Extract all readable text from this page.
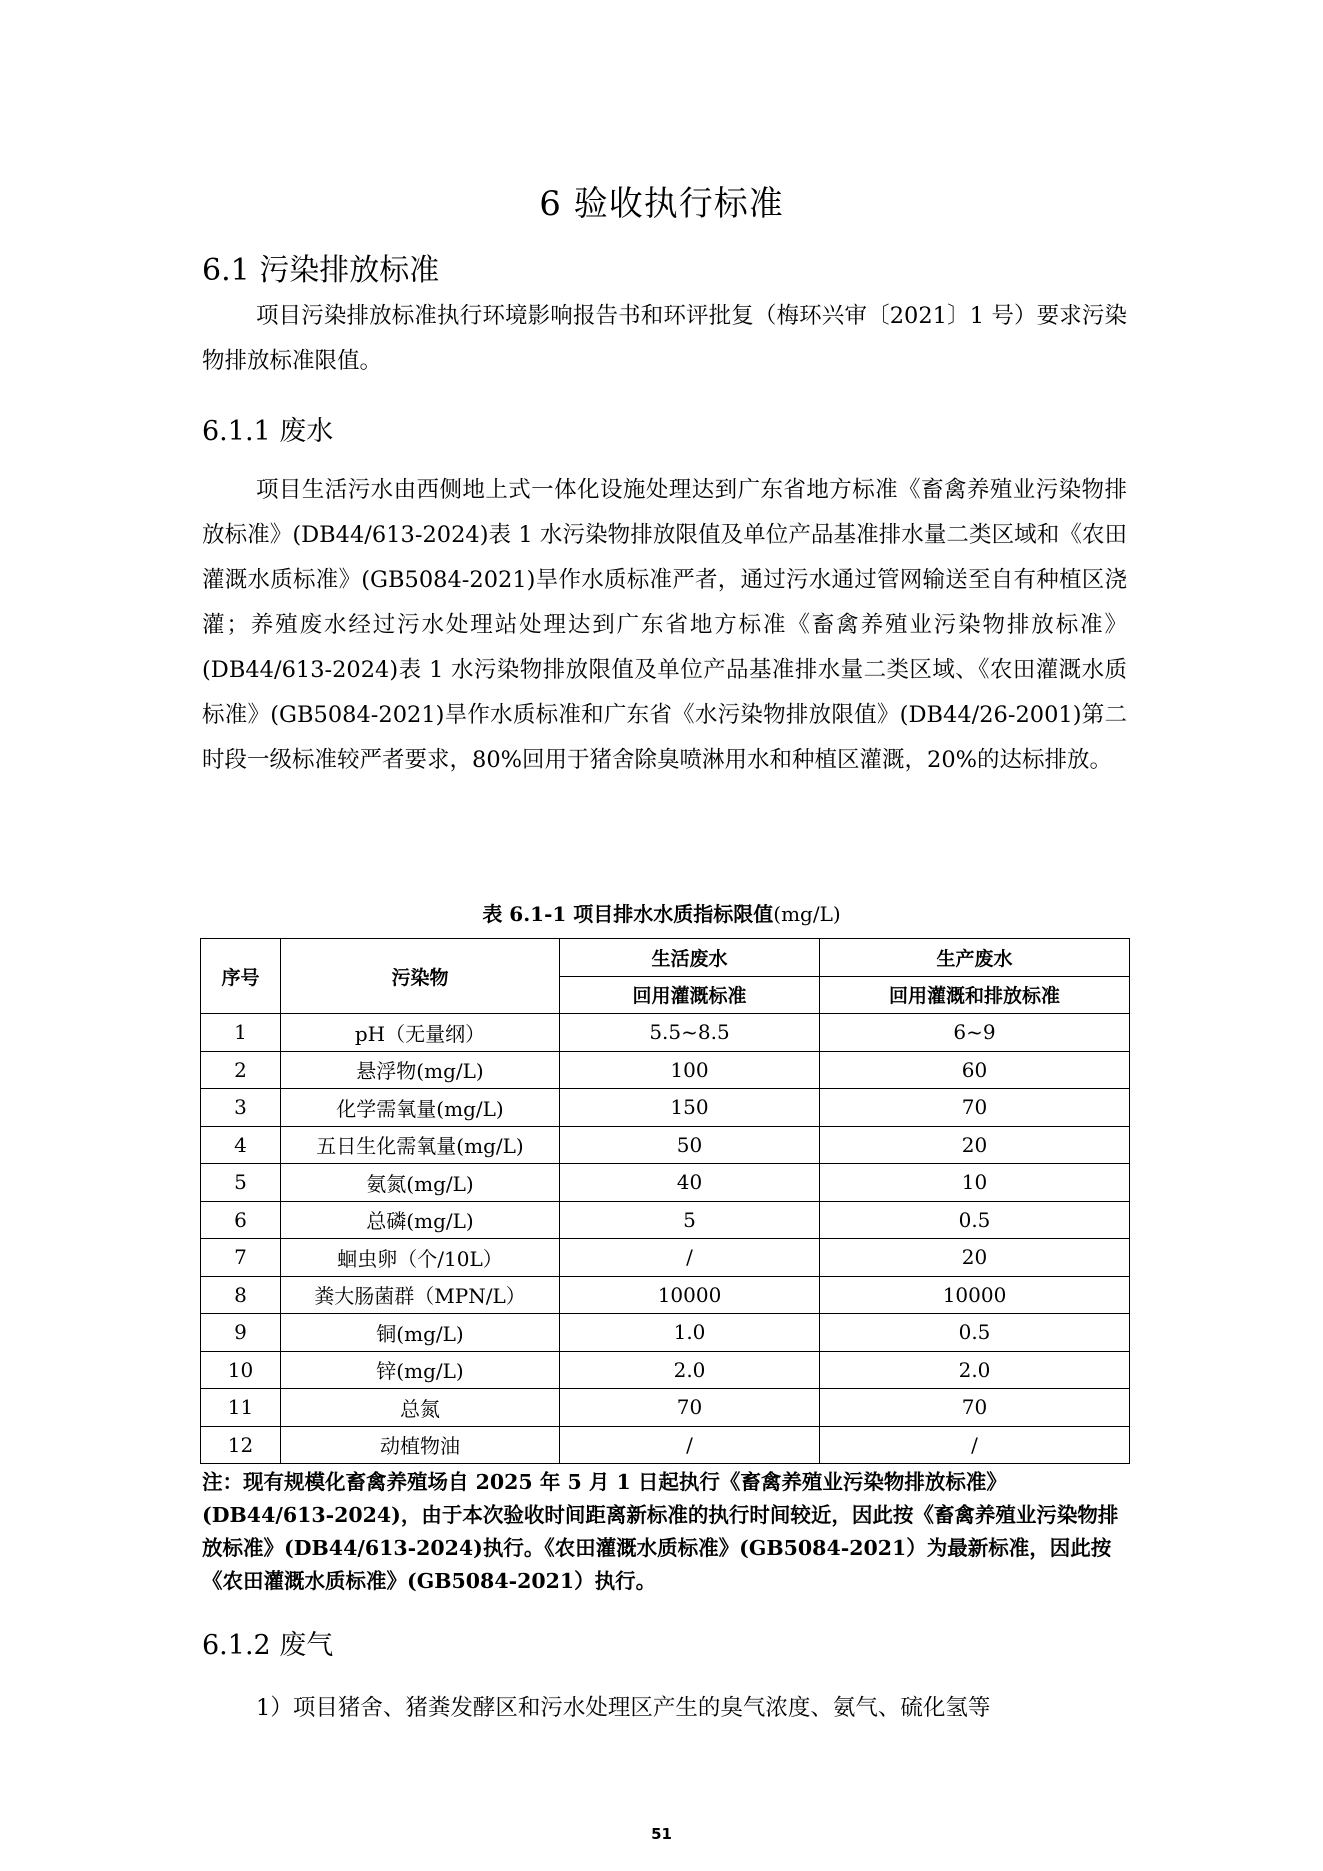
6 验收执行标准
6.1 污染排放标准

项目污染排放标准执行环境影响报告书和环评批复（梅环兴审〔2021〕1 号）要求污染物排放标准限值。

6.1.1 废水

项目生活污水由西侧地上式一体化设施处理达到广东省地方标准《畜禽养殖业污染物排放标准》(DB44/613-2024)表 1 水污染物排放限值及单位产品基准排水量二类区域和《农田灌溉水质标准》(GB5084-2021)旱作水质标准严者，通过污水通过管网输送至自有种植区浇灌；养殖废水经过污水处理站处理达到广东省地方标准《畜禽养殖业污染物排放标准》(DB44/613-2024)表 1 水污染物排放限值及单位产品基准排水量二类区域、《农田灌溉水质标准》(GB5084-2021)旱作水质标准和广东省《水污染物排放限值》(DB44/26-2001)第二时段一级标准较严者要求，80%回用于猪舍除臭喷淋用水和种植区灌溉，20%的达标排放。

表 6.1-1 项目排水水质指标限值(mg/L)
序号	污染物	生活废水	生产废水
		回用灌溉标准	回用灌溉和排放标准
1	pH（无量纲）	5.5~8.5	6~9
2	悬浮物(mg/L)	100	60
3	化学需氧量(mg/L)	150	70
4	五日生化需氧量(mg/L)	50	20
5	氨氮(mg/L)	40	10
6	总磷(mg/L)	5	0.5
7	蛔虫卵（个/10L）	/	20
8	粪大肠菌群（MPN/L）	10000	10000
9	铜(mg/L)	1.0	0.5
10	锌(mg/L)	2.0	2.0
11	总氮	70	70
12	动植物油	/	/

注：现有规模化畜禽养殖场自 2025 年 5 月 1 日起执行《畜禽养殖业污染物排放标准》(DB44/613-2024)，由于本次验收时间距离新标准的执行时间较近，因此按《畜禽养殖业污染物排放标准》(DB44/613-2024)执行。《农田灌溉水质标准》(GB5084-2021）为最新标准，因此按《农田灌溉水质标准》(GB5084-2021）执行。

6.1.2 废气

1）项目猪舍、猪粪发酵区和污水处理区产生的臭气浓度、氨气、硫化氢等

51
